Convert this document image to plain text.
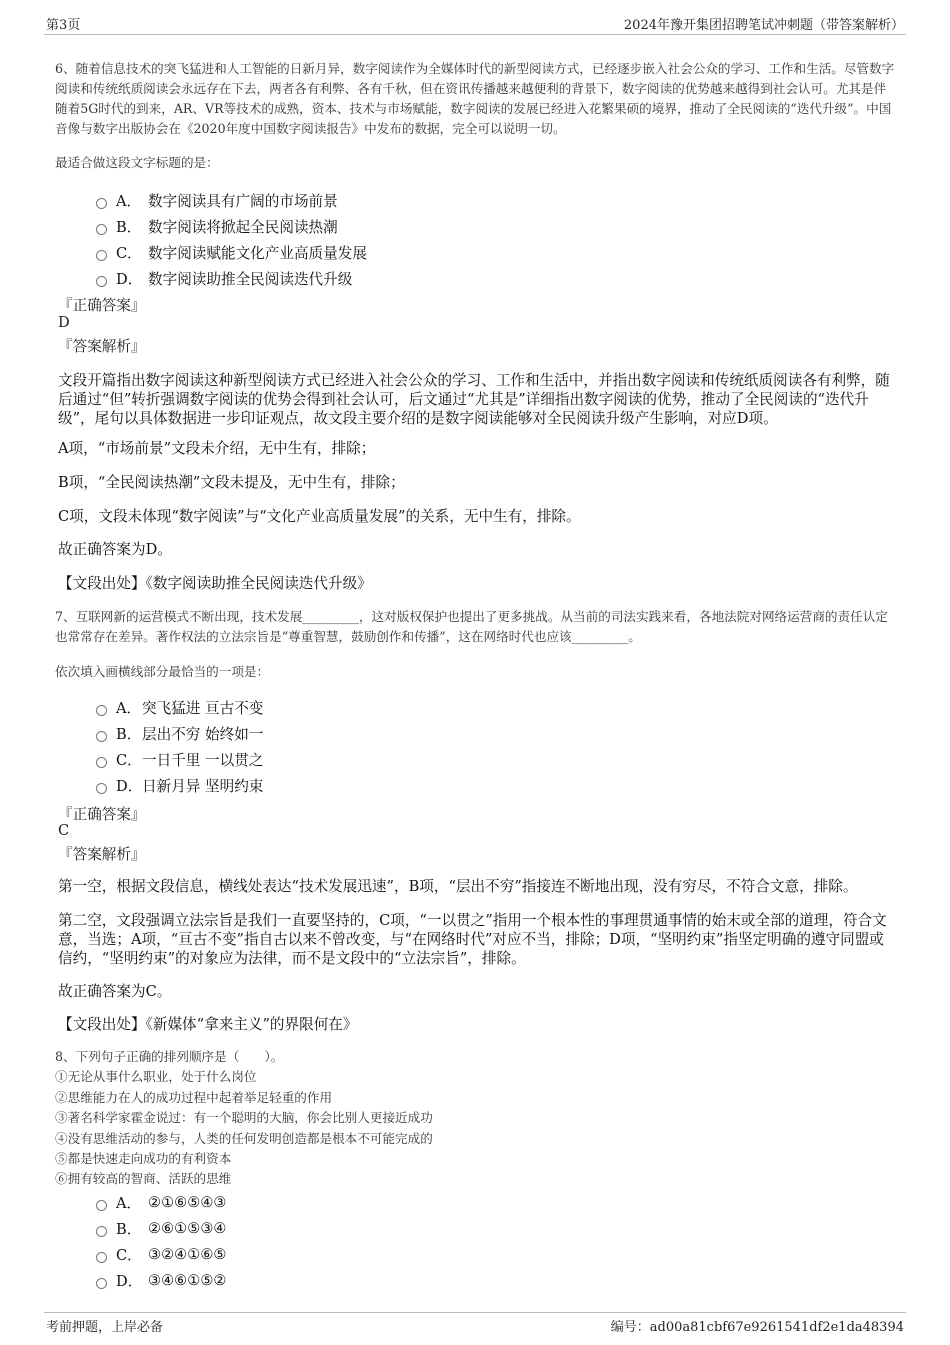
第3页	2024年豫开集团招聘笔试冲刺题（带答案解析）
6、随着信息技术的突飞猛进和人工智能的日新月异，数字阅读作为全媒体时代的新型阅读方式，已经逐步嵌入社会公众的学习、工作和生活。尽管数字阅读和传统纸质阅读会永远存在下去，两者各有利弊、各有千秋，但在资讯传播越来越便利的背景下，数字阅读的优势越来越得到社会认可。尤其是伴随着5G时代的到来，AR、VR等技术的成熟，资本、技术与市场赋能，数字阅读的发展已经进入花繁果硕的境界，推动了全民阅读的“迭代升级”。中国音像与数字出版协会在《2020年度中国数字阅读报告》中发布的数据，完全可以说明一切。
最适合做这段文字标题的是：
A． 数字阅读具有广阔的市场前景
B． 数字阅读将掀起全民阅读热潮
C． 数字阅读赋能文化产业高质量发展
D． 数字阅读助推全民阅读迭代升级
『正确答案』
D
『答案解析』
文段开篇指出数字阅读这种新型阅读方式已经进入社会公众的学习、工作和生活中，并指出数字阅读和传统纸质阅读各有利弊，随后通过“但”转折强调数字阅读的优势会得到社会认可，后文通过“尤其是”详细指出数字阅读的优势，推动了全民阅读的“迭代升级”，尾句以具体数据进一步印证观点，故文段主要介绍的是数字阅读能够对全民阅读升级产生影响，对应D项。
A项，“市场前景”文段未介绍，无中生有，排除；
B项，“全民阅读热潮”文段未提及，无中生有，排除；
C项，文段未体现“数字阅读”与“文化产业高质量发展”的关系，无中生有，排除。
故正确答案为D。
【文段出处】《数字阅读助推全民阅读迭代升级》
7、互联网新的运营模式不断出现，技术发展_________，这对版权保护也提出了更多挑战。从当前的司法实践来看，各地法院对网络运营商的责任认定也常常存在差异。著作权法的立法宗旨是“尊重智慧，鼓励创作和传播”，这在网络时代也应该_________。
依次填入画横线部分最恰当的一项是：
A． 突飞猛进 亘古不变
B． 层出不穷 始终如一
C． 一日千里 一以贯之
D． 日新月异 坚明约束
『正确答案』
C
『答案解析』
第一空，根据文段信息，横线处表达“技术发展迅速”，B项，“层出不穷”指接连不断地出现，没有穷尽，不符合文意，排除。
第二空，文段强调立法宗旨是我们一直要坚持的，C项，“一以贯之”指用一个根本性的事理贯通事情的始末或全部的道理，符合文意，当选；A项，“亘古不变”指自古以来不曾改变，与“在网络时代”对应不当，排除；D项，“坚明约束”指坚定明确的遵守同盟或信约，“坚明约束”的对象应为法律，而不是文段中的“立法宗旨”，排除。
故正确答案为C。
【文段出处】《新媒体“拿来主义”的界限何在》
8、下列句子正确的排列顺序是（　　）。
①无论从事什么职业，处于什么岗位
②思维能力在人的成功过程中起着举足轻重的作用
③著名科学家霍金说过：有一个聪明的大脑，你会比别人更接近成功
④没有思维活动的参与，人类的任何发明创造都是根本不可能完成的
⑤都是快速走向成功的有利资本
⑥拥有较高的智商、活跃的思维
A． ②①⑥⑤④③
B． ②⑥①⑤③④
C． ③②④①⑥⑤
D． ③④⑥①⑤②
考前押题，上岸必备	编号：ad00a81cbf67e9261541df2e1da48394
